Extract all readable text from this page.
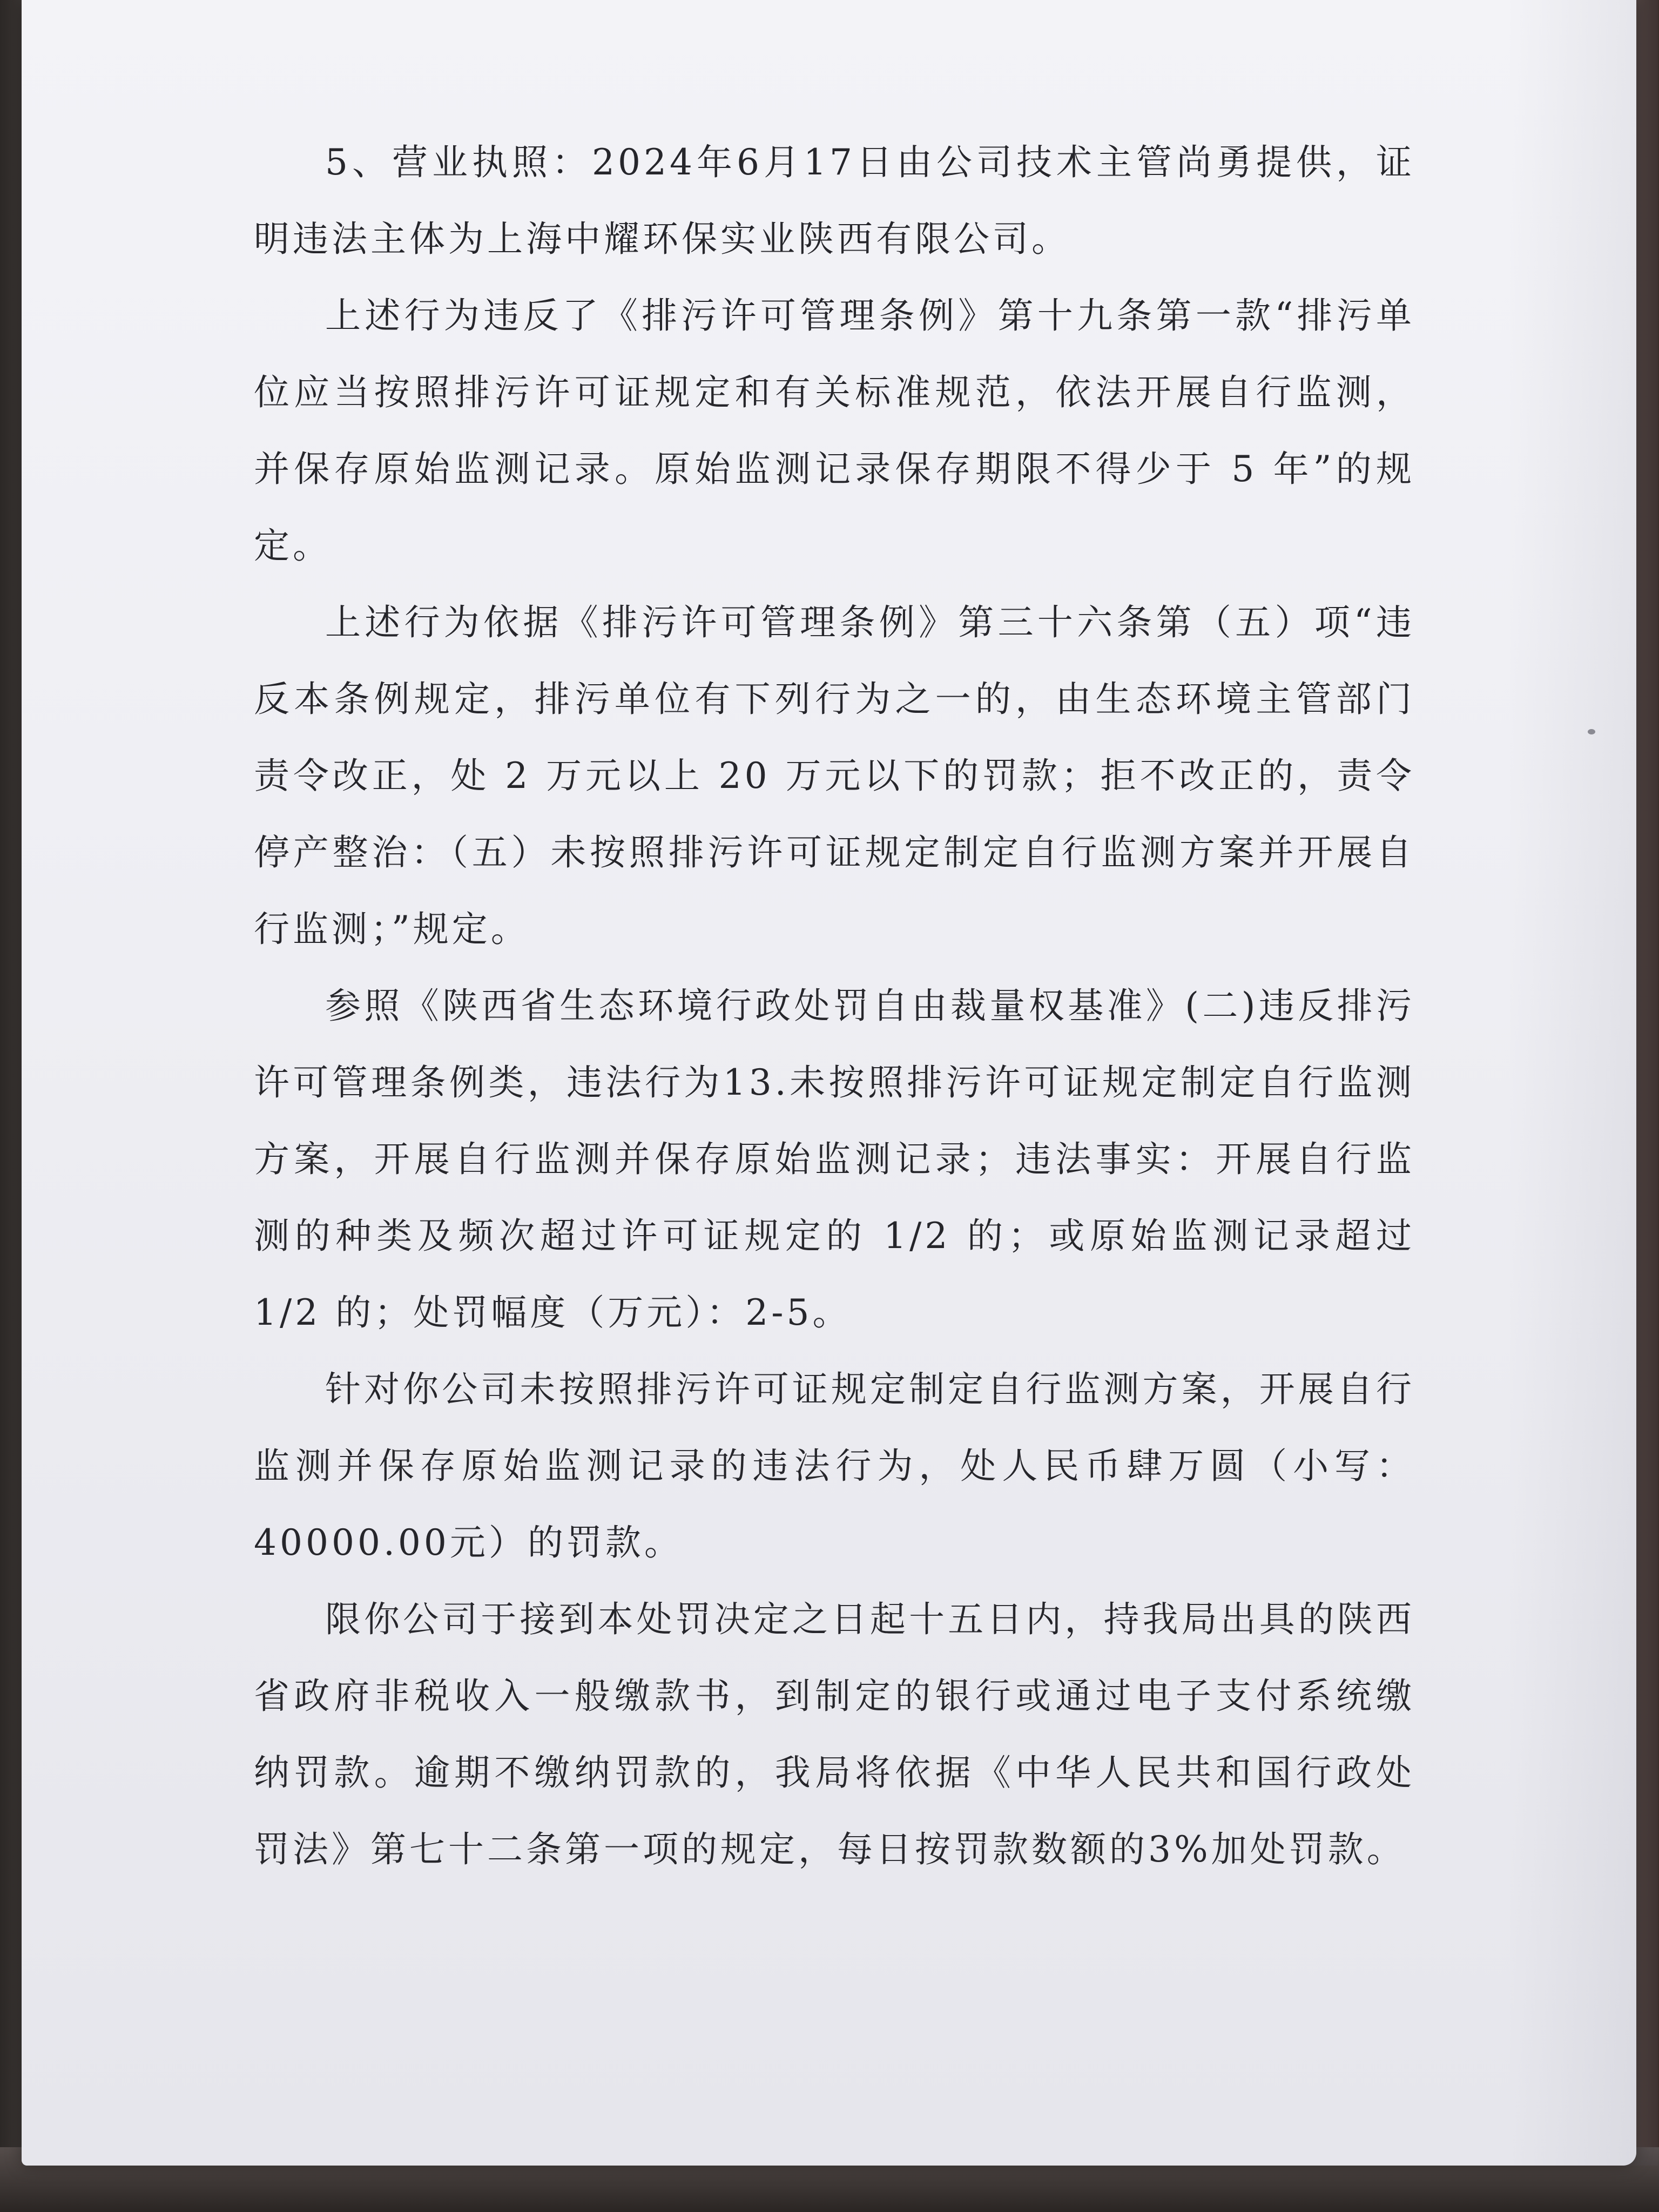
5、营业执照：2024年6月17日由公司技术主管尚勇提供，证明违法主体为上海中耀环保实业陕西有限公司。

上述行为违反了《排污许可管理条例》第十九条第一款“排污单位应当按照排污许可证规定和有关标准规范，依法开展自行监测，并保存原始监测记录。原始监测记录保存期限不得少于 5 年”的规定。

上述行为依据《排污许可管理条例》第三十六条第（五）项“违反本条例规定，排污单位有下列行为之一的，由生态环境主管部门责令改正，处 2 万元以上 20 万元以下的罚款；拒不改正的，责令停产整治：（五）未按照排污许可证规定制定自行监测方案并开展自行监测；”规定。

参照《陕西省生态环境行政处罚自由裁量权基准》(二)违反排污许可管理条例类，违法行为13.未按照排污许可证规定制定自行监测方案，开展自行监测并保存原始监测记录；违法事实：开展自行监测的种类及频次超过许可证规定的 1/2 的；或原始监测记录超过 1/2 的；处罚幅度（万元）：2-5。

针对你公司未按照排污许可证规定制定自行监测方案，开展自行监测并保存原始监测记录的违法行为，处人民币肆万圆（小写：40000.00元）的罚款。

限你公司于接到本处罚决定之日起十五日内，持我局出具的陕西省政府非税收入一般缴款书，到制定的银行或通过电子支付系统缴纳罚款。逾期不缴纳罚款的，我局将依据《中华人民共和国行政处罚法》第七十二条第一项的规定，每日按罚款数额的3%加处罚款。
